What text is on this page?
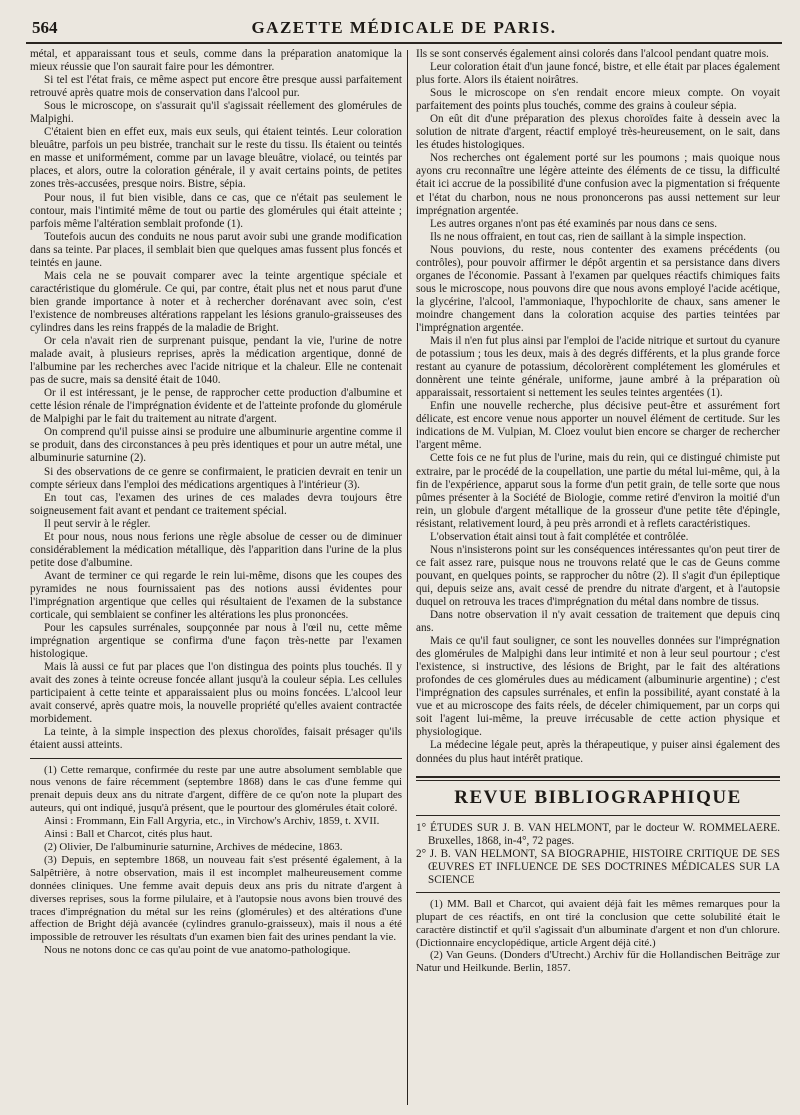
564	GAZETTE MÉDICALE DE PARIS.

métal, et apparaissant tous et seuls, comme dans la préparation anatomique la mieux réussie que l'on saurait faire pour les démontrer.

Si tel est l'état frais, ce même aspect put encore être presque aussi parfaitement retrouvé après quatre mois de conservation dans l'alcool pur.

Sous le microscope, on s'assurait qu'il s'agissait réellement des glomérules de Malpighi.

C'étaient bien en effet eux, mais eux seuls, qui étaient teintés. Leur coloration bleuâtre, parfois un peu bistrée, tranchait sur le reste du tissu. Ils étaient ou teintés en masse et uniformément, comme par un lavage bleuâtre, violacé, ou teintés par places, et alors, outre la coloration générale, il y avait certains points, de petites zones très-accusées, presque noirs. Bistre, sépia.

Pour nous, il fut bien visible, dans ce cas, que ce n'était pas seulement le contour, mais l'intimité même de tout ou partie des glomérules qui était atteinte ; parfois même l'altération semblait profonde (1).

Toutefois aucun des conduits ne nous parut avoir subi une grande modification dans sa teinte. Par places, il semblait bien que quelques amas fussent plus foncés et teintés en jaune.

Mais cela ne se pouvait comparer avec la teinte argentique spéciale et caractéristique du glomérule. Ce qui, par contre, était plus net et nous parut d'une bien grande importance à noter et à rechercher dorénavant avec soin, c'est l'existence de nombreuses altérations rappelant les lésions granulo-graisseuses des cylindres dans les reins frappés de la maladie de Bright.

Or cela n'avait rien de surprenant puisque, pendant la vie, l'urine de notre malade avait, à plusieurs reprises, après la médication argentique, donné de l'albumine par les recherches avec l'acide nitrique et la chaleur. Elle ne contenait pas de sucre, mais sa densité était de 1040.

Or il est intéressant, je le pense, de rapprocher cette production d'albumine et cette lésion rénale de l'imprégnation évidente et de l'atteinte profonde du glomérule de Malpighi par le fait du traitement au nitrate d'argent.

On comprend qu'il puisse ainsi se produire une albuminurie argentine comme il se produit, dans des circonstances à peu près identiques et pour un autre métal, une albuminurie saturnine (2).

Si des observations de ce genre se confirmaient, le praticien devrait en tenir un compte sérieux dans l'emploi des médications argentiques à l'intérieur (3).

En tout cas, l'examen des urines de ces malades devra toujours être soigneusement fait avant et pendant ce traitement spécial.

Il peut servir à le régler.

Et pour nous, nous nous ferions une règle absolue de cesser ou de diminuer considérablement la médication métallique, dès l'apparition dans l'urine de la plus petite dose d'albumine.

Avant de terminer ce qui regarde le rein lui-même, disons que les coupes des pyramides ne nous fournissaient pas des notions aussi évidentes pour l'imprégnation argentique que celles qui résultaient de l'examen de la substance corticale, qui semblaient se confiner les altérations les plus prononcées.

Pour les capsules surrénales, soupçonnée par nous à l'œil nu, cette même imprégnation argentique se confirma d'une façon très-nette par l'examen histologique.

Mais là aussi ce fut par places que l'on distingua des points plus touchés. Il y avait des zones à teinte ocreuse foncée allant jusqu'à la couleur sépia. Les cellules participaient à cette teinte et apparaissaient plus ou moins foncées. L'alcool leur avait conservé, après quatre mois, la nouvelle propriété qu'elles avaient contractée morbidement.

La teinte, à la simple inspection des plexus choroïdes, faisait présager qu'ils étaient aussi atteints.

(1) Cette remarque, confirmée du reste par une autre absolument semblable que nous venons de faire récemment (septembre 1868) dans le cas d'une femme qui prenait depuis deux ans du nitrate d'argent, diffère de ce qu'on note la plupart des auteurs, qui ont indiqué, jusqu'à présent, que le pourtour des glomérules était coloré.

Ainsi : Frommann, Ein Fall Argyria, etc., in Virchow's Archiv, 1859, t. XVII.

Ainsi : Ball et Charcot, cités plus haut.

(2) Olivier, De l'albuminurie saturnine, Archives de médecine, 1863.

(3) Depuis, en septembre 1868, un nouveau fait s'est présenté également, à la Salpêtrière, à notre observation, mais il est incomplet malheureusement comme données cliniques. Une femme avait depuis deux ans pris du nitrate d'argent à diverses reprises, sous la forme pilulaire, et à l'autopsie nous avons bien trouvé des traces d'imprégnation du métal sur les reins (glomérules) et des altérations d'une affection de Bright déjà avancée (cylindres granulo-graisseux), mais il nous a été impossible de retrouver les résultats d'un examen bien fait des urines pendant la vie.

Nous ne notons donc ce cas qu'au point de vue anatomo-pathologique.

Ils se sont conservés également ainsi colorés dans l'alcool pendant quatre mois.

Leur coloration était d'un jaune foncé, bistre, et elle était par places également plus forte. Alors ils étaient noirâtres.

Sous le microscope on s'en rendait encore mieux compte. On voyait parfaitement des points plus touchés, comme des grains à couleur sépia.

On eût dit d'une préparation des plexus choroïdes faite à dessein avec la solution de nitrate d'argent, réactif employé très-heureusement, on le sait, dans les études histologiques.

Nos recherches ont également porté sur les poumons ; mais quoique nous ayons cru reconnaître une légère atteinte des éléments de ce tissu, la difficulté était ici accrue de la possibilité d'une confusion avec la pigmentation si fréquente et l'état du charbon, nous ne nous prononcerons pas aussi nettement sur leur imprégnation argentée.

Les autres organes n'ont pas été examinés par nous dans ce sens.

Ils ne nous offraient, en tout cas, rien de saillant à la simple inspection.

Nous pouvions, du reste, nous contenter des examens précédents (ou contrôles), pour pouvoir affirmer le dépôt argentin et sa persistance dans divers organes de l'économie. Passant à l'examen par quelques réactifs chimiques faits sous le microscope, nous pouvons dire que nous avons employé l'acide acétique, la glycérine, l'alcool, l'ammoniaque, l'hypochlorite de chaux, sans amener le moindre changement dans la coloration acquise des parties teintées par l'imprégnation argentée.

Mais il n'en fut plus ainsi par l'emploi de l'acide nitrique et surtout du cyanure de potassium ; tous les deux, mais à des degrés différents, et la plus grande force restant au cyanure de potassium, décolorèrent complétement les glomérules et donnèrent une teinte générale, uniforme, jaune ambré à la préparation où apparaissait, ressortaient si nettement les seules teintes argentées (1).

Enfin une nouvelle recherche, plus décisive peut-être et assurément fort délicate, est encore venue nous apporter un nouvel élément de certitude. Sur les indications de M. Vulpian, M. Cloez voulut bien encore se charger de rechercher l'argent même.

Cette fois ce ne fut plus de l'urine, mais du rein, qui ce distingué chimiste put extraire, par le procédé de la coupellation, une partie du métal lui-même, qui, à la fin de l'expérience, apparut sous la forme d'un petit grain, de telle sorte que nous pûmes présenter à la Société de Biologie, comme retiré d'environ la moitié d'un rein, un globule d'argent métallique de la grosseur d'une petite tête d'épingle, résistant, relativement lourd, à peu près arrondi et à reflets caractéristiques.

L'observation était ainsi tout à fait complétée et contrôlée.

Nous n'insisterons point sur les conséquences intéressantes qu'on peut tirer de ce fait assez rare, puisque nous ne trouvons relaté que le cas de Geuns comme pouvant, en quelques points, se rapprocher du nôtre (2). Il s'agit d'un épileptique qui, depuis seize ans, avait cessé de prendre du nitrate d'argent, et à l'autopsie duquel on retrouva les traces d'imprégnation du métal dans nombre de tissus.

Dans notre observation il n'y avait cessation de traitement que depuis cinq ans.

Mais ce qu'il faut souligner, ce sont les nouvelles données sur l'imprégnation des glomérules de Malpighi dans leur intimité et non à leur seul pourtour ; c'est l'existence, si instructive, des lésions de Bright, par le fait des altérations profondes de ces glomérules dues au médicament (albuminurie argentine) ; c'est l'imprégnation des capsules surrénales, et enfin la possibilité, ayant constaté à la vue et au microscope des faits réels, de déceler chimiquement, par un corps qui soit l'agent lui-même, la preuve irrécusable de cette action physique et physiologique.

La médecine légale peut, après la thérapeutique, y puiser ainsi également des données du plus haut intérêt pratique.

REVUE BIBLIOGRAPHIQUE

1° ÉTUDES SUR J. B. VAN HELMONT, par le docteur W. ROMMELAERE. Bruxelles, 1868, in-4°, 72 pages.

2° J. B. VAN HELMONT, SA BIOGRAPHIE, HISTOIRE CRITIQUE DE SES ŒUVRES ET INFLUENCE DE SES DOCTRINES MÉDICALES SUR LA SCIENCE

(1) MM. Ball et Charcot, qui avaient déjà fait les mêmes remarques pour la plupart de ces réactifs, en ont tiré la conclusion que cette solubilité était le caractère distinctif et qu'il s'agissait d'un albuminate d'argent et non d'un chlorure. (Dictionnaire encyclopédique, article Argent déjà cité.)

(2) Van Geuns. (Donders d'Utrecht.) Archiv für die Hollandischen Beiträge zur Natur und Heilkunde. Berlin, 1857.
